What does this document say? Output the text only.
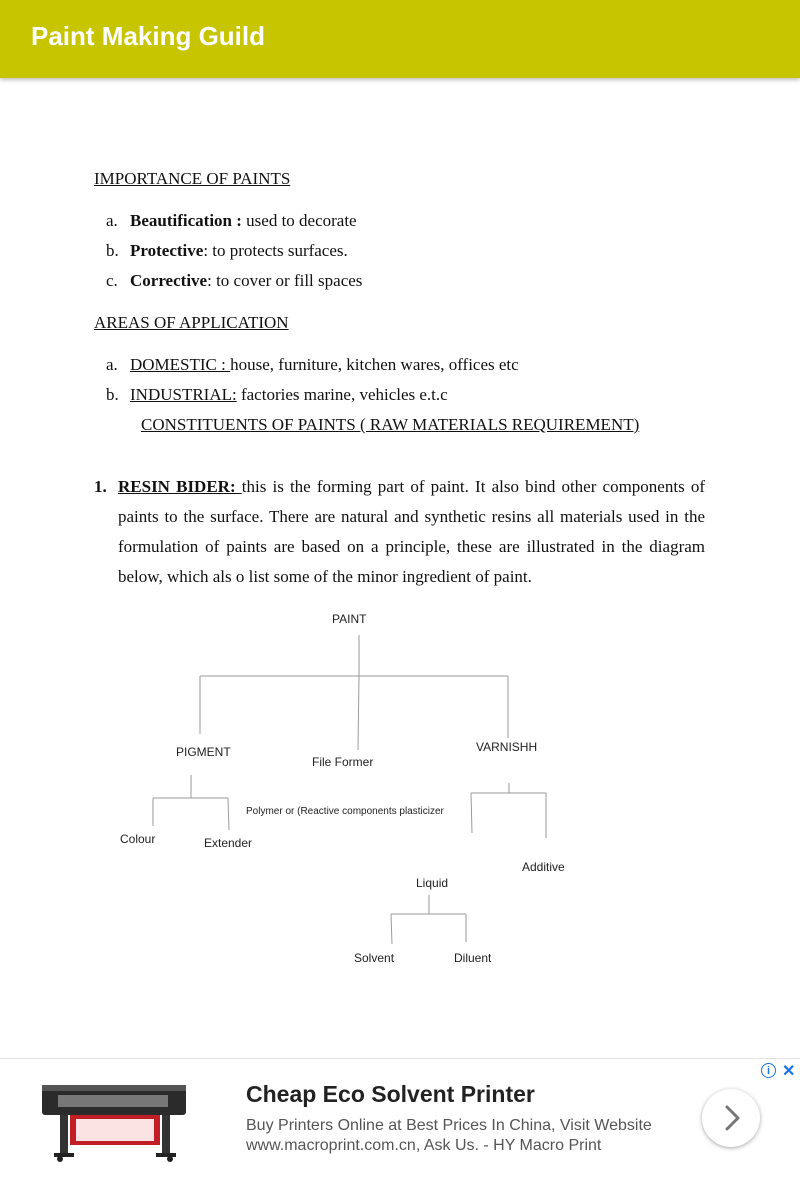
Paint Making Guild
IMPORTANCE OF PAINTS
a. Beautification : used to decorate
b. Protective: to protects surfaces.
c. Corrective: to cover or fill spaces
AREAS OF APPLICATION
a. DOMESTIC : house, furniture, kitchen wares, offices etc
b. INDUSTRIAL: factories marine, vehicles e.t.c
CONSTITUENTS OF PAINTS ( RAW MATERIALS REQUIREMENT)
1. RESIN BIDER: this is the forming part of paint. It also bind other components of paints to the surface. There are natural and synthetic resins all materials used in the formulation of paints are based on a principle, these are illustrated in the diagram below, which als o list some of the minor ingredient of paint.
PAINT
PIGMENT
File Former
VARNISHH
Colour	Extender
Polymer or (Reactive components plasticizer
Additive
Liquid
Solvent	Diluent
Cheap Eco Solvent Printer
Buy Printers Online at Best Prices In China, Visit Website www.macroprint.com.cn, Ask Us. - HY Macro Print
i ✕
